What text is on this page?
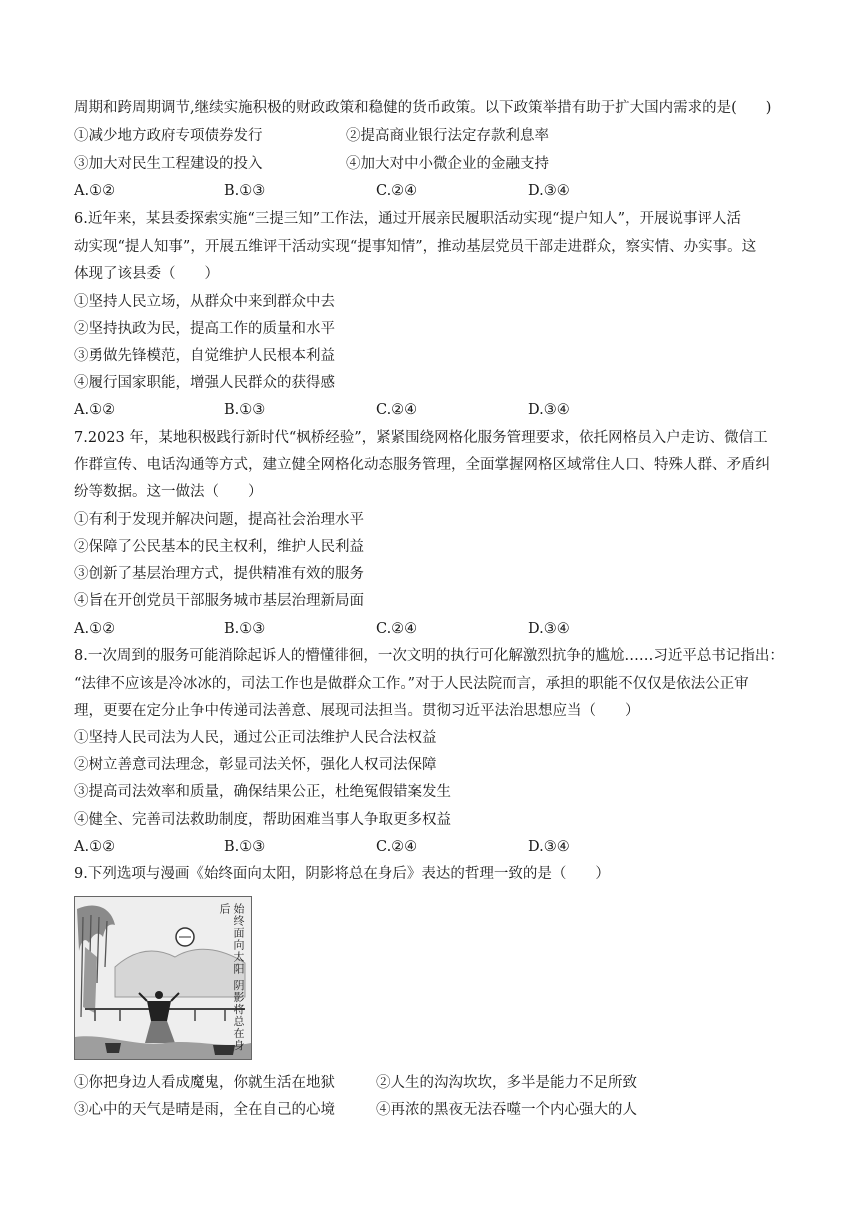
周期和跨周期调节,继续实施积极的财政政策和稳健的货币政策。以下政策举措有助于扩大国内需求的是(　　)
①减少地方政府专项债券发行	②提高商业银行法定存款利息率
③加大对民生工程建设的投入	④加大对中小微企业的金融支持
A.①②	B.①③	C.②④	D.③④
6.近年来，某县委探索实施“三提三知”工作法，通过开展亲民履职活动实现“提户知人”，开展说事评人活
动实现“提人知事”，开展五维评干活动实现“提事知情”，推动基层党员干部走进群众，察实情、办实事。这
体现了该县委（　　）
①坚持人民立场，从群众中来到群众中去
②坚持执政为民，提高工作的质量和水平
③勇做先锋模范，自觉维护人民根本利益
④履行国家职能，增强人民群众的获得感
A.①②	B.①③	C.②④	D.③④
7.2023 年，某地积极践行新时代“枫桥经验”，紧紧围绕网格化服务管理要求，依托网格员入户走访、微信工
作群宣传、电话沟通等方式，建立健全网格化动态服务管理，全面掌握网格区域常住人口、特殊人群、矛盾纠
纷等数据。这一做法（　　）
①有利于发现并解决问题，提高社会治理水平
②保障了公民基本的民主权利，维护人民利益
③创新了基层治理方式，提供精准有效的服务
④旨在开创党员干部服务城市基层治理新局面
A.①②	B.①③	C.②④	D.③④
8.一次周到的服务可能消除起诉人的懵懂徘徊，一次文明的执行可化解激烈抗争的尴尬……习近平总书记指出：
“法律不应该是冷冰冰的，司法工作也是做群众工作。”对于人民法院而言，承担的职能不仅仅是依法公正审
理，更要在定分止争中传递司法善意、展现司法担当。贯彻习近平法治思想应当（　　）
①坚持人民司法为人民，通过公正司法维护人民合法权益
②树立善意司法理念，彰显司法关怀，强化人权司法保障
③提高司法效率和质量，确保结果公正，杜绝冤假错案发生
④健全、完善司法救助制度，帮助困难当事人争取更多权益
A.①②	B.①③	C.②④	D.③④
9.下列选项与漫画《始终面向太阳，阴影将总在身后》表达的哲理一致的是（　　）
始终面向太阳 阴影将总在身后
①你把身边人看成魔鬼，你就生活在地狱	②人生的沟沟坎坎，多半是能力不足所致
③心中的天气是晴是雨，全在自己的心境	④再浓的黑夜无法吞噬一个内心强大的人
